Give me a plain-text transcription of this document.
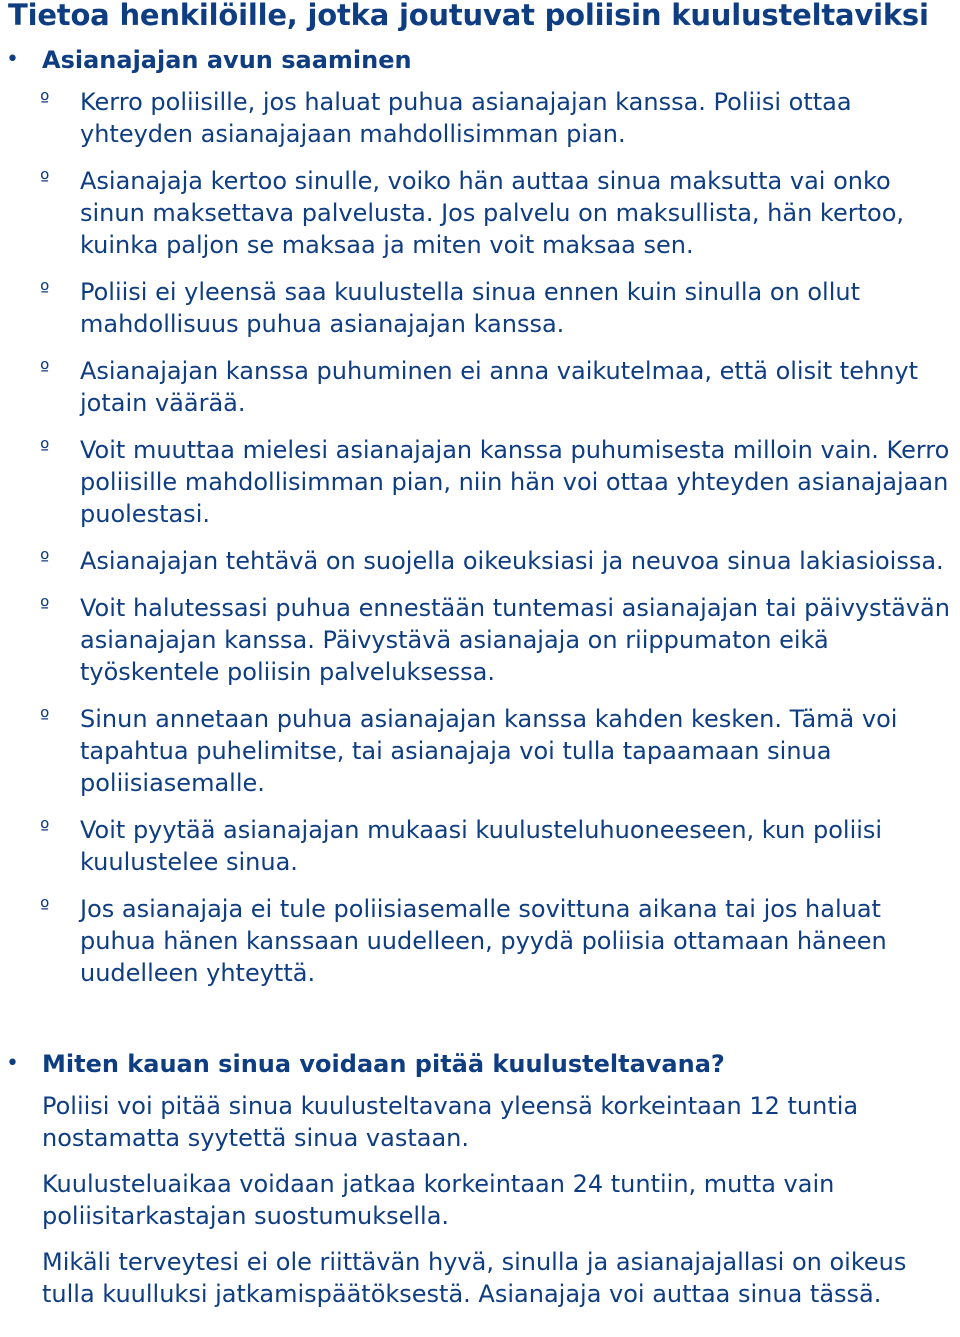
Tietoa henkilöille, jotka joutuvat poliisin kuulusteltaviksi
• Asianajajan avun saaminen
º Kerro poliisille, jos haluat puhua asianajajan kanssa. Poliisi ottaa yhteyden asianajajaan mahdollisimman pian.
º Asianajaja kertoo sinulle, voiko hän auttaa sinua maksutta vai onko sinun maksettava palvelusta. Jos palvelu on maksullista, hän kertoo, kuinka paljon se maksaa ja miten voit maksaa sen.
º Poliisi ei yleensä saa kuulustella sinua ennen kuin sinulla on ollut mahdollisuus puhua asianajajan kanssa.
º Asianajajan kanssa puhuminen ei anna vaikutelmaa, että olisit tehnyt jotain väärää.
º Voit muuttaa mielesi asianajajan kanssa puhumisesta milloin vain. Kerro poliisille mahdollisimman pian, niin hän voi ottaa yhteyden asianajajaan puolestasi.
º Asianajajan tehtävä on suojella oikeuksiasi ja neuvoa sinua lakiasioissa.
º Voit halutessasi puhua ennestään tuntemasi asianajajan tai päivystävän asianajajan kanssa. Päivystävä asianajaja on riippumaton eikä työskentele poliisin palveluksessa.
º Sinun annetaan puhua asianajajan kanssa kahden kesken. Tämä voi tapahtua puhelimitse, tai asianajaja voi tulla tapaamaan sinua poliisiasemalle.
º Voit pyytää asianajajan mukaasi kuulusteluhuoneeseen, kun poliisi kuulustelee sinua.
º Jos asianajaja ei tule poliisiasemalle sovittuna aikana tai jos haluat puhua hänen kanssaan uudelleen, pyydä poliisia ottamaan häneen uudelleen yhteyttä.
• Miten kauan sinua voidaan pitää kuulusteltavana?

Poliisi voi pitää sinua kuulusteltavana yleensä korkeintaan 12 tuntia nostamatta syytettä sinua vastaan.

Kuulusteluaikaa voidaan jatkaa korkeintaan 24 tuntiin, mutta vain poliisitarkastajan suostumuksella.

Mikäli terveytesi ei ole riittävän hyvä, sinulla ja asianajajallasi on oikeus tulla kuulluksi jatkamispäätöksestä. Asianajaja voi auttaa sinua tässä.
